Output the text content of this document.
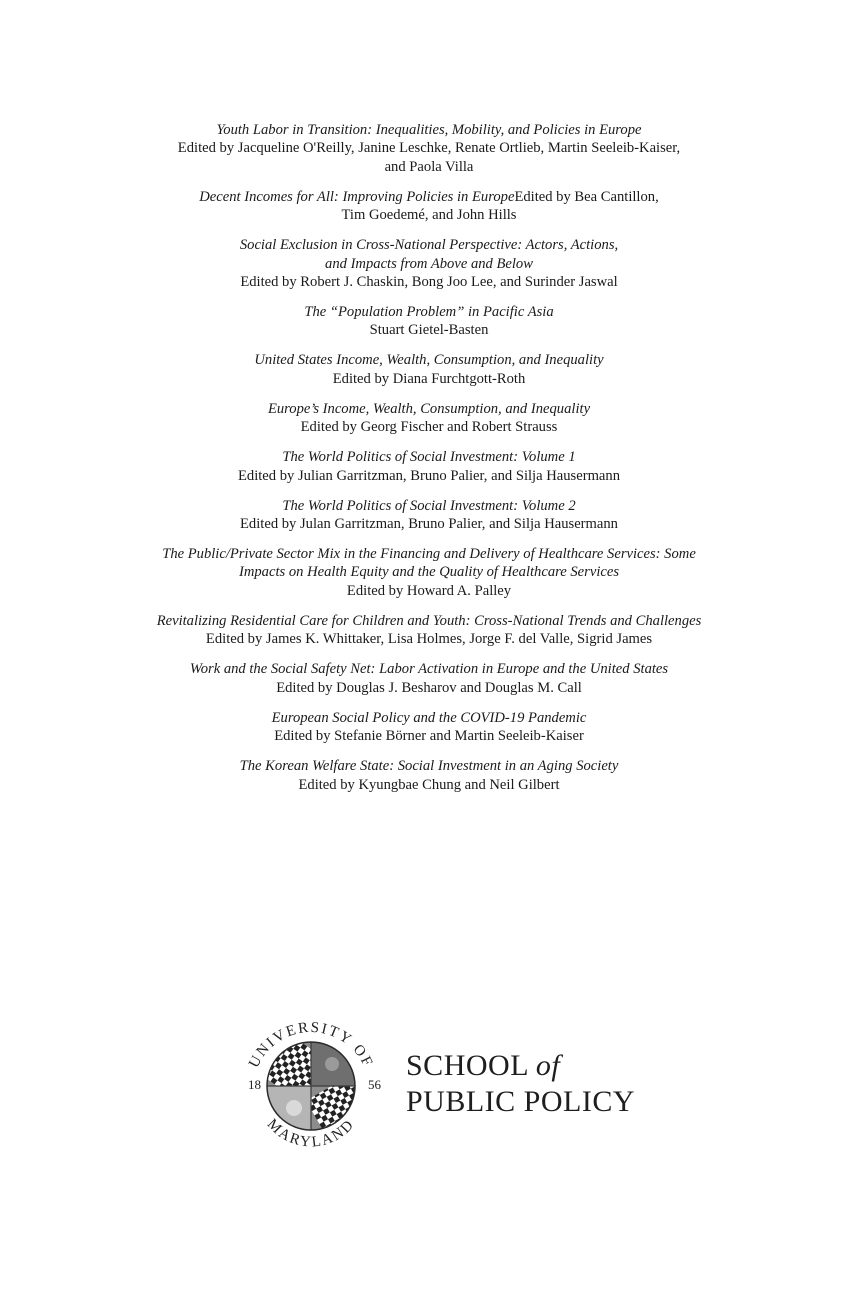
Youth Labor in Transition: Inequalities, Mobility, and Policies in Europe
Edited by Jacqueline O'Reilly, Janine Leschke, Renate Ortlieb, Martin Seeleib-Kaiser,
and Paola Villa
Decent Incomes for All: Improving Policies in EuropeEdited by Bea Cantillon,
Tim Goedemé, and John Hills
Social Exclusion in Cross-National Perspective: Actors, Actions,
and Impacts from Above and Below
Edited by Robert J. Chaskin, Bong Joo Lee, and Surinder Jaswal
The “Population Problem” in Pacific Asia
Stuart Gietel-Basten
United States Income, Wealth, Consumption, and Inequality
Edited by Diana Furchtgott-Roth
Europe’s Income, Wealth, Consumption, and Inequality
Edited by Georg Fischer and Robert Strauss
The World Politics of Social Investment: Volume 1
Edited by Julian Garritzman, Bruno Palier, and Silja Hausermann
The World Politics of Social Investment: Volume 2
Edited by Julan Garritzman, Bruno Palier, and Silja Hausermann
The Public/Private Sector Mix in the Financing and Delivery of Healthcare Services: Some
Impacts on Health Equity and the Quality of Healthcare Services
Edited by Howard A. Palley
Revitalizing Residential Care for Children and Youth: Cross-National Trends and Challenges
Edited by James K. Whittaker, Lisa Holmes, Jorge F. del Valle, Sigrid James
Work and the Social Safety Net: Labor Activation in Europe and the United States
Edited by Douglas J. Besharov and Douglas M. Call
European Social Policy and the COVID-19 Pandemic
Edited by Stefanie Börner and Martin Seeleib-Kaiser
The Korean Welfare State: Social Investment in an Aging Society
Edited by Kyungbae Chung and Neil Gilbert
UNIVERSITY OF
MARYLAND
18	56
SCHOOL of
PUBLIC POLICY
